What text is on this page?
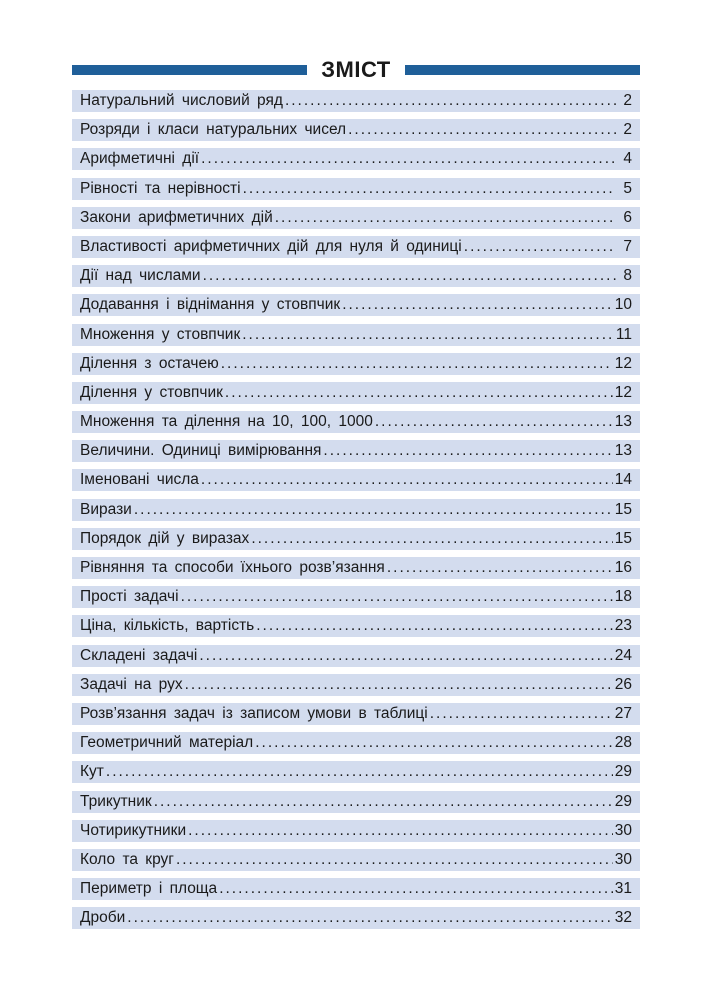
ЗМІСТ
Натуральний числовий ряд .....	2
Розряди і класи натуральних чисел .....	2
Арифметичні дії .....	4
Рівності та нерівності .....	5
Закони арифметичних дій .....	6
Властивості арифметичних дій для нуля й одиниці .....	7
Дії над числами .....	8
Додавання і віднімання у стовпчик .....	10
Множення у стовпчик .....	11
Ділення з остачею .....	12
Ділення у стовпчик .....	12
Множення та ділення на 10, 100, 1000 .....	13
Величини. Одиниці вимірювання .....	13
Іменовані числа .....	14
Вирази .....	15
Порядок дій у виразах .....	15
Рівняння та способи їхнього розв’язання .....	16
Прості задачі .....	18
Ціна, кількість, вартість .....	23
Складені задачі .....	24
Задачі на рух .....	26
Розв’язання задач із записом умови в таблиці .....	27
Геометричний матеріал .....	28
Кут .....	29
Трикутник .....	29
Чотирикутники .....	30
Коло та круг .....	30
Периметр і площа .....	31
Дроби .....	32
